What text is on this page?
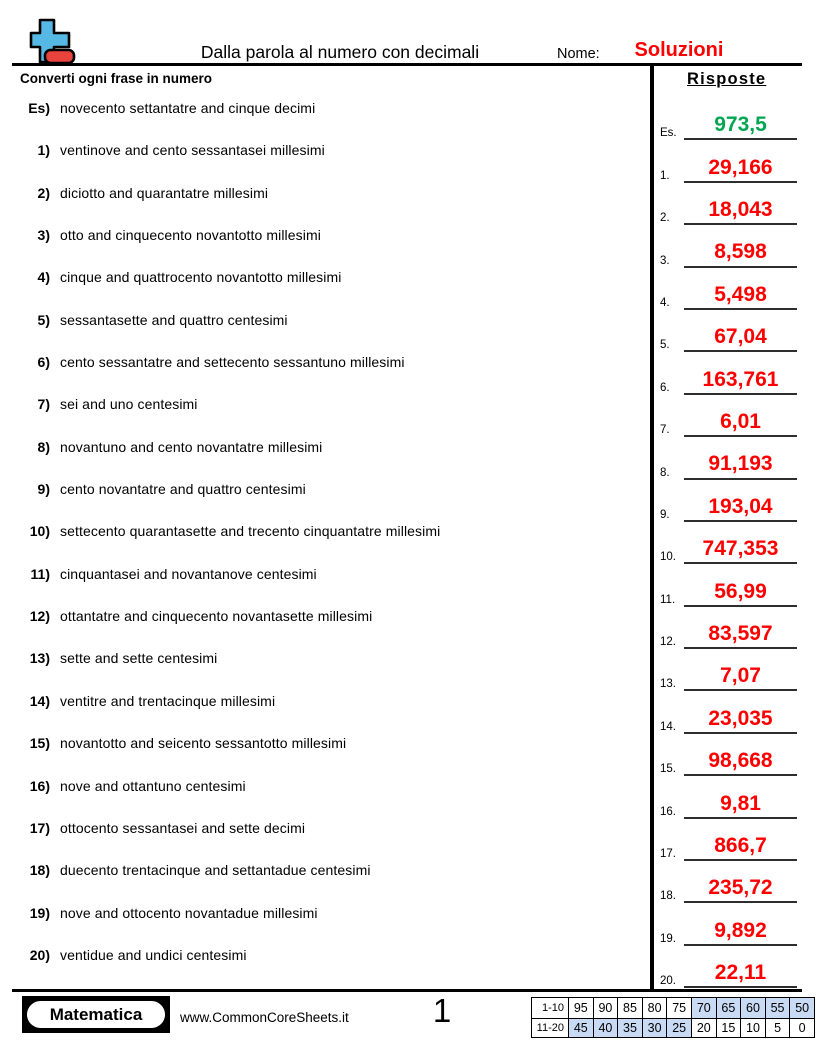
Dalla parola al numero con decimali	Nome:	Soluzioni
Converti ogni frase in numero
Es) novecento settantatre and cinque decimi
1) ventinove and cento sessantasei millesimi
2) diciotto and quarantatre millesimi
3) otto and cinquecento novantotto millesimi
4) cinque and quattrocento novantotto millesimi
5) sessantasette and quattro centesimi
6) cento sessantatre and settecento sessantuno millesimi
7) sei and uno centesimi
8) novantuno and cento novantatre millesimi
9) cento novantatre and quattro centesimi
10) settecento quarantasette and trecento cinquantatre millesimi
11) cinquantasei and novantanove centesimi
12) ottantatre and cinquecento novantasette millesimi
13) sette and sette centesimi
14) ventitre and trentacinque millesimi
15) novantotto and seicento sessantotto millesimi
16) nove and ottantuno centesimi
17) ottocento sessantasei and sette decimi
18) duecento trentacinque and settantadue centesimi
19) nove and ottocento novantadue millesimi
20) ventidue and undici centesimi
Risposte
Es.	973,5
1.	29,166
2.	18,043
3.	8,598
4.	5,498
5.	67,04
6.	163,761
7.	6,01
8.	91,193
9.	193,04
10.	747,353
11.	56,99
12.	83,597
13.	7,07
14.	23,035
15.	98,668
16.	9,81
17.	866,7
18.	235,72
19.	9,892
20.	22,11
Matematica	www.CommonCoreSheets.it	1	1-10 95 90 85 80 75 70 65 60 55 50
11-20 45 40 35 30 25 20 15 10	5	0
